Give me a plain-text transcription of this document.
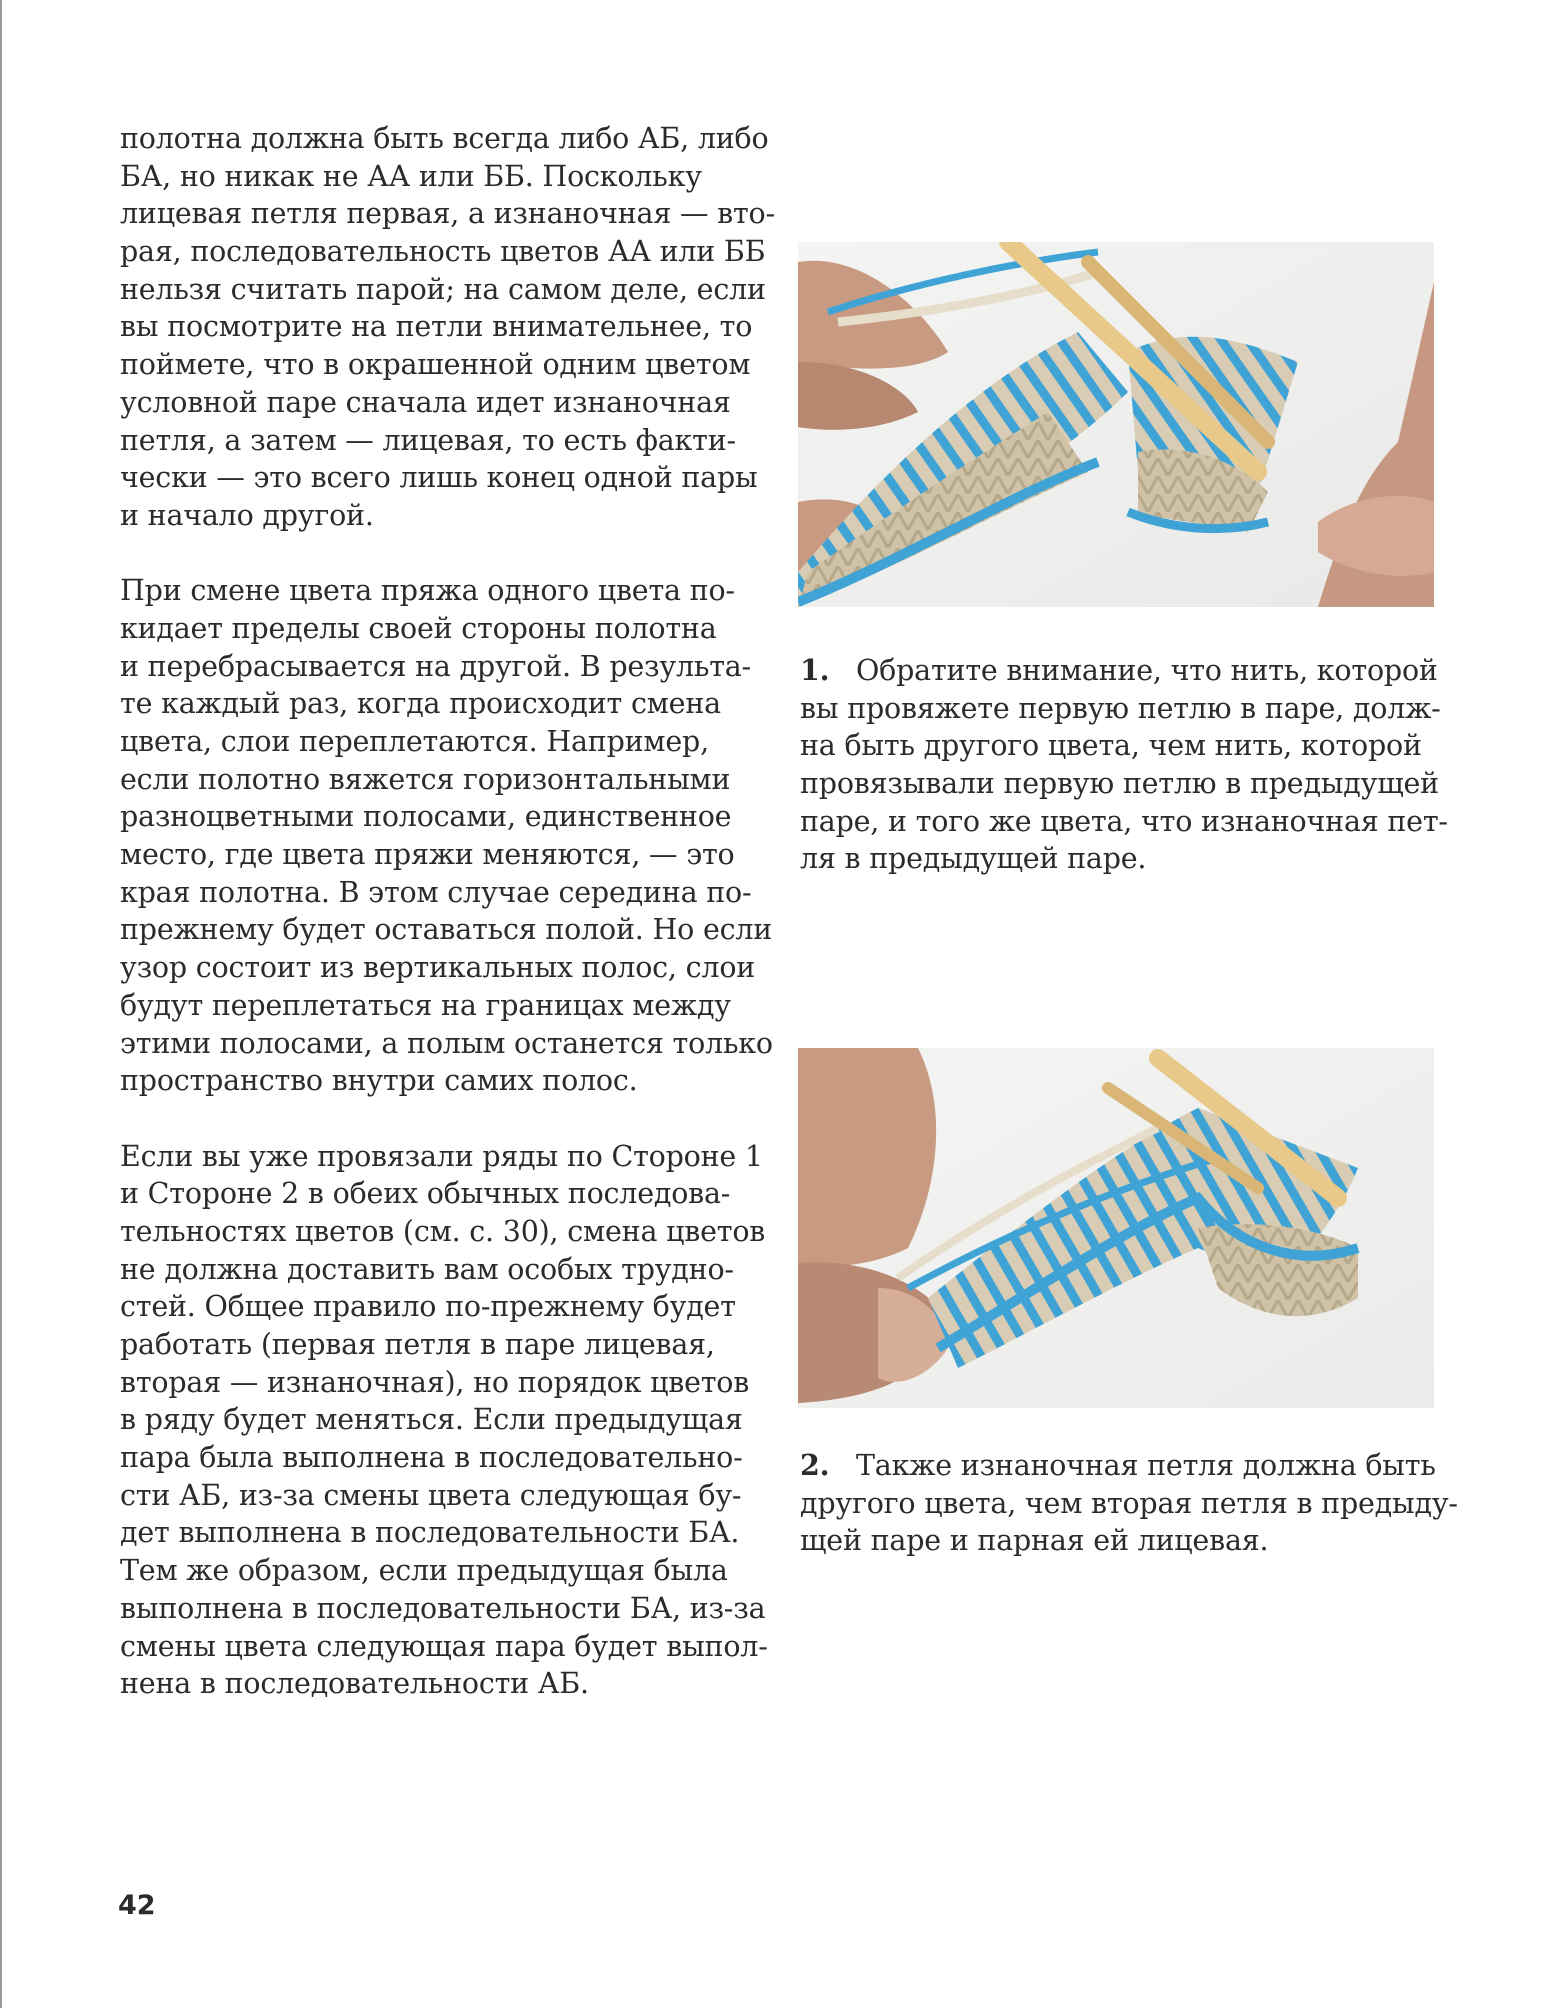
полотна должна быть всегда либо АБ, либо
БА, но никак не АА или ББ. Поскольку
лицевая петля первая, а изнаночная — вто-
рая, последовательность цветов АА или ББ
нельзя считать парой; на самом деле, если
вы посмотрите на петли внимательнее, то
поймете, что в окрашенной одним цветом
условной паре сначала идет изнаночная
петля, а затем — лицевая, то есть факти-
чески — это всего лишь конец одной пары
и начало другой.
При смене цвета пряжа одного цвета по-
кидает пределы своей стороны полотна
и перебрасывается на другой. В результа-
те каждый раз, когда происходит смена
цвета, слои переплетаются. Например,
если полотно вяжется горизонтальными
разноцветными полосами, единственное
место, где цвета пряжи меняются, — это
края полотна. В этом случае середина по-
прежнему будет оставаться полой. Но если
узор состоит из вертикальных полос, слои
будут переплетаться на границах между
этими полосами, а полым останется только
пространство внутри самих полос.
Если вы уже провязали ряды по Стороне 1
и Стороне 2 в обеих обычных последова-
тельностях цветов (см. с. 30), смена цветов
не должна доставить вам особых трудно-
стей. Общее правило по-прежнему будет
работать (первая петля в паре лицевая,
вторая — изнаночная), но порядок цветов
в ряду будет меняться. Если предыдущая
пара была выполнена в последовательно-
сти АБ, из-за смены цвета следующая бу-
дет выполнена в последовательности БА.
Тем же образом, если предыдущая была
выполнена в последовательности БА, из-за
смены цвета следующая пара будет выпол-
нена в последовательности АБ.
1. Обратите внимание, что нить, которой
вы провяжете первую петлю в паре, долж-
на быть другого цвета, чем нить, которой
провязывали первую петлю в предыдущей
паре, и того же цвета, что изнаночная пет-
ля в предыдущей паре.
2. Также изнаночная петля должна быть
другого цвета, чем вторая петля в предыду-
щей паре и парная ей лицевая.
42
